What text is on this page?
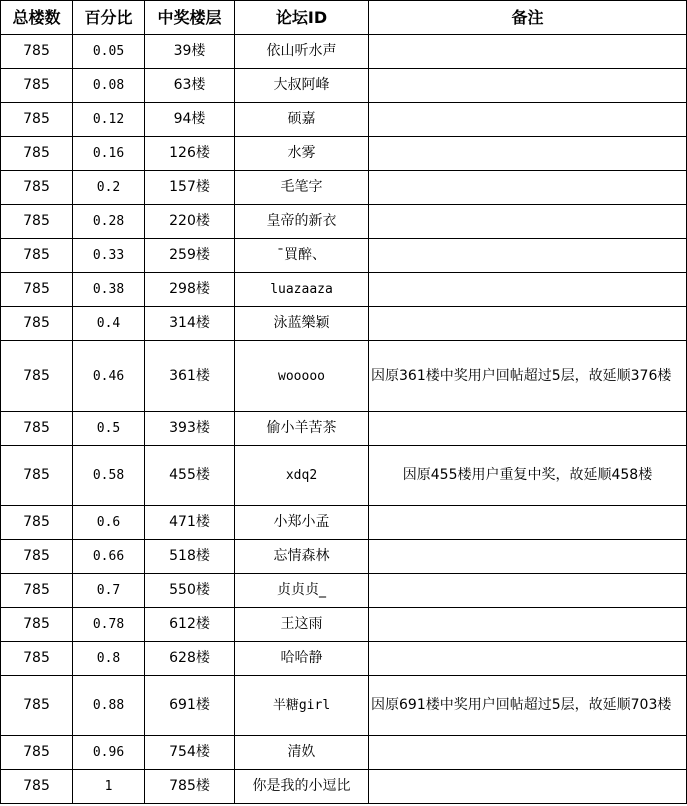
总楼数	百分比	中奖楼层	论坛ID	备注
785	0.05	39楼	依山听水声	
785	0.08	63楼	大叔阿峰	
785	0.12	94楼	硕嘉	
785	0.16	126楼	水雾	
785	0.2	157楼	毛笔字	
785	0.28	220楼	皇帝的新衣	
785	0.33	259楼	¯買醉、	
785	0.38	298楼	luazaaza	
785	0.4	314楼	泳蓝樂颖	
785	0.46	361楼	wooooo	因原361楼中奖用户回帖超过5层，故延顺376楼
785	0.5	393楼	偷小羊苦茶	
785	0.58	455楼	xdq2	因原455楼用户重复中奖，故延顺458楼
785	0.6	471楼	小郑小孟	
785	0.66	518楼	忘情森林	
785	0.7	550楼	贞贞贞_	
785	0.78	612楼	王这雨	
785	0.8	628楼	哈哈静	
785	0.88	691楼	半糖girl	因原691楼中奖用户回帖超过5层，故延顺703楼
785	0.96	754楼	清奺	
785	1	785楼	你是我的小逗比	
